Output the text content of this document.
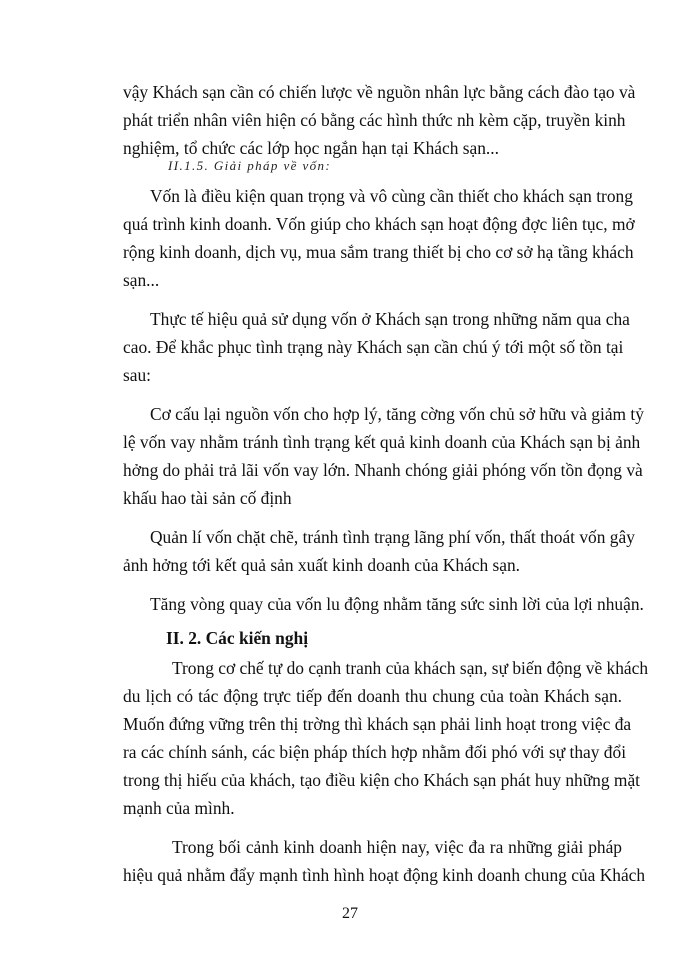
vậy Khách sạn cần có chiến lược về nguồn nhân lực bằng cách đào tạo và
phát triển nhân viên hiện có bằng các hình thức nh kèm cặp, truyền kinh
nghiệm, tổ chức các lớp học ngắn hạn tại Khách sạn...
II.1.5. Giải pháp về vốn:
Vốn là điều kiện quan trọng và vô cùng cần thiết cho khách sạn trong
quá trình kinh doanh. Vốn giúp cho khách sạn hoạt động đợc liên tục, mở
rộng kinh doanh, dịch vụ, mua sắm trang thiết bị cho cơ sở hạ tầng khách
sạn...
Thực tế hiệu quả sử dụng vốn ở Khách sạn trong những năm qua cha
cao. Để khắc phục tình trạng này Khách sạn cần chú ý tới một số tồn tại
sau:
Cơ cấu lại nguồn vốn cho hợp lý, tăng cờng vốn chủ sở hữu và giảm tỷ
lệ vốn vay nhằm tránh tình trạng kết quả kinh doanh của Khách sạn bị ảnh
hởng do phải trả lãi vốn vay lớn. Nhanh chóng giải phóng vốn tồn đọng và
khấu hao tài sản cố định
Quản lí vốn chặt chẽ, tránh tình trạng lãng phí vốn, thất thoát vốn gây
ảnh hởng tới kết quả sản xuất kinh doanh của Khách sạn.
Tăng vòng quay của vốn lu động nhằm tăng sức sinh lời của lợi nhuận.
II. 2. Các kiến nghị
Trong cơ chế tự do cạnh tranh của khách sạn, sự biến động về khách
du lịch có tác động trực tiếp đến doanh thu chung của toàn Khách sạn.
Muốn đứng vững trên thị trờng thì khách sạn phải linh hoạt trong việc đa
ra các chính sánh, các biện pháp thích hợp nhằm đối phó với sự thay đổi
trong thị hiếu của khách, tạo điều kiện cho Khách sạn phát huy những mặt
mạnh của mình.
Trong bối cảnh kinh doanh hiện nay, việc đa ra những giải pháp
hiệu quả nhằm đẩy mạnh tình hình hoạt động kinh doanh chung của Khách
27
